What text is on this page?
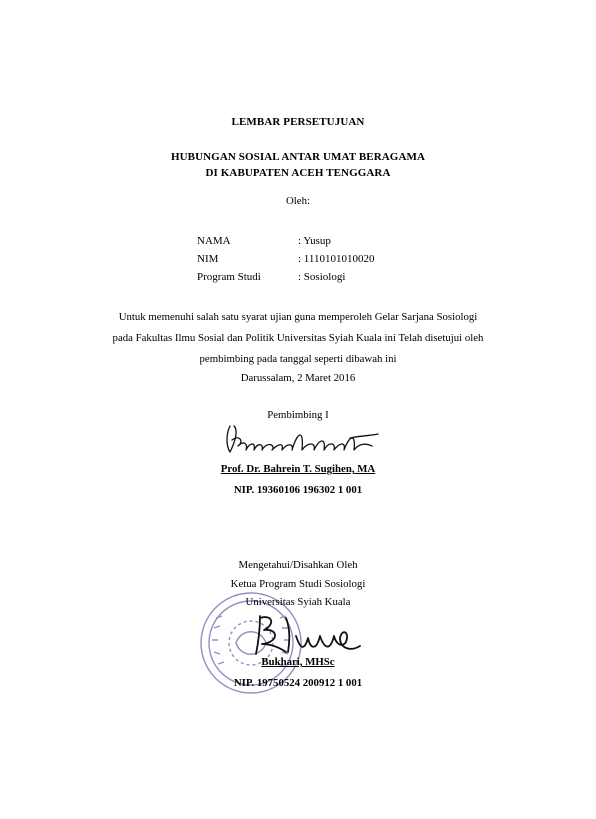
LEMBAR PERSETUJUAN
HUBUNGAN SOSIAL ANTAR UMAT BERAGAMA
DI KABUPATEN ACEH TENGGARA
Oleh:
NAMA	: Yusup
NIM	: 1110101010020
Program Studi	: Sosiologi
Untuk memenuhi salah satu syarat ujian guna memperoleh Gelar Sarjana Sosiologi
pada Fakultas Ilmu Sosial dan Politik Universitas Syiah Kuala ini Telah disetujui oleh
pembimbing pada tanggal seperti dibawah ini
Darussalam, 2 Maret 2016
Pembimbing I
Prof. Dr. Bahrein T. Sugihen, MA
NIP. 19360106 196302 1 001
Mengetahui/Disahkan Oleh
Ketua Program Studi Sosiologi
Universitas Syiah Kuala
Bukhari, MHSc
NIP. 19750524 200912 1 001
